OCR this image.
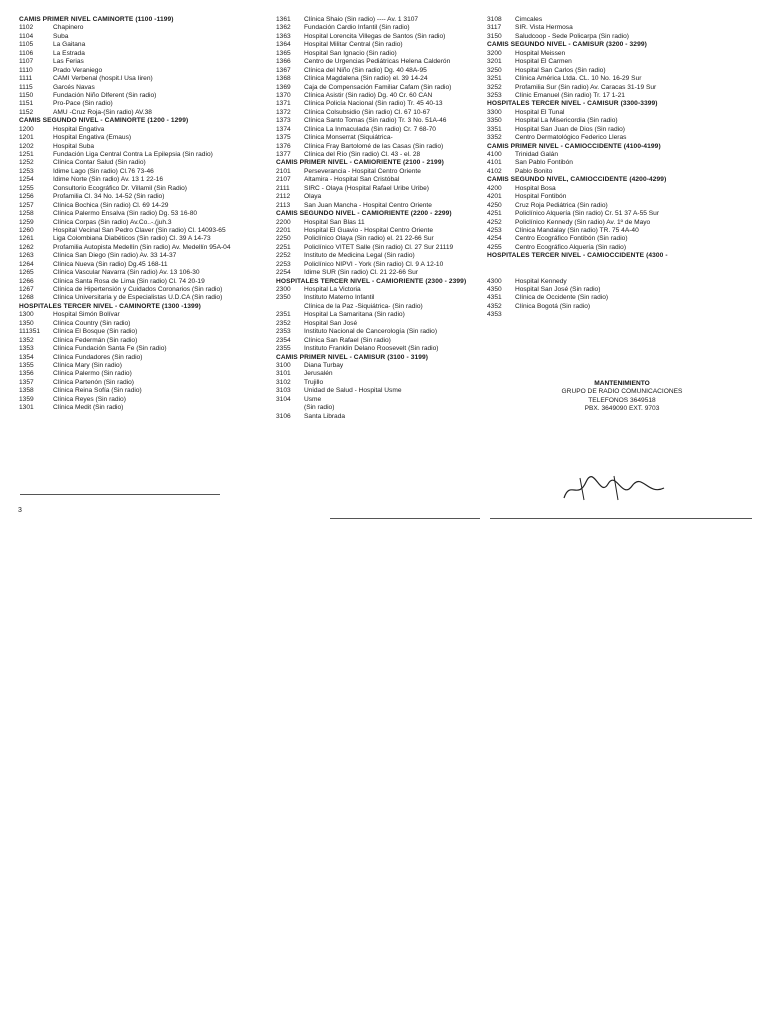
CAMIS PRIMER NIVEL CAMINORTE (1100 -1199)
1102	Chapinero
1104	Suba
1105	La Gaitana
1106	La Estrada
1107	Las Ferias
1110	Prado Veraniego
1111	CAMI Verbenal (hospit.l Usa Iiren)
1115	Garcés Navas
1150	Fundación Niño Dlferent (Sin radio)
1151	Pro-Pace (Sin radio)
1152	AMU -Cruz Roja-(Sin radio) AV.38
CAMIS SEGUNDO NIVEL - CAMINORTE (1200 - 1299)
1200	Hospital Engativa
1201	Hospital Engativa (Emaus)
1202	Hospital Suba
1251	Fundación Liga Central Contra La Epilepsia (Sin radio)
1252	Clínica Contar Salud (Sin radio)
1253	Idime Lago (Sin radio) Cl.76 73-46
1254	Idime Norte (Sin radio) Av. 13 1 22-16
1255	Consultorio Ecográfico Dr. Villamil (Sin Radio)
1256	Profamilia Cl. 34 No. 14-52 (Sin radio)
1257	Clínica Bochica (Sin radio) Cl. 69 14-29
1258	Clínica Palermo Ensalva (Sin radio) Dg. 53 16-80
1259	Clínica Corpas (Sin radio) Av.Co..-.(juh.3
1260	Hospital Vecinal San Pedro Claver (Sin radio) Cl. 14093-65
1261	Liga Colombiana Diabéticos (Sin radio) Cl. 39 A 14-73
1262	Profamilia Autopista Medellín (Sin radio) Av. Medellín 95A-04
1263	Clínica San Diego (Sin radio) Av. 33 14-37
1264	Clínica Nueva (Sin radio) Dg.45 168-11
1265	Clínica Vascular Navarra (Sin radio) Av. 13 106-30
1266	Clínica Santa Rosa de Lima (Sin radio) Cl. 74 20-19
1267	Clínica de Hipertensión y Cuidados Coronarios (Sin radio)
1268	Clínica Universitaria y de Especialistas U.D.CA (Sin radio)
HOSPITALES TERCER NIVEL - CAMINORTE (1300 -1399)
1300	Hospital Simón Bolívar
1350	Clínica Country (Sin radio)
111351 Clínica El Bosque (Sin radio)
1352	Clínica Federmán (Sin radio)
1353	Clínica Fundación Santa Fe (Sin radio)
1354	Clínica Fundadores (Sin radio)
1355	Clínica Mary (Sin radio)
1356	Clínica Palermo (Sin radio)
1357	Clínica Partenón (Sin radio)
1358	Clínica Reina Sofía (Sin radio)
1359	Clínica Reyes (Sin radio)
1301	Clínica Medit (Sin radio)
1361 Clínica Shaio (Sin radio) ---- Av. 1 3107
1362 Fundación Cardio Infantil (Sin radio)
1363 Hospital Lorencita Villegas de Santos (Sin radio)
1364 Hospital Militar Central (Sin radio)
1365 Hospital San Ignacio (Sin radio)
1366 Centro de Urgencias Pediátricas Helena Calderón
1367 Clínica del Niño (Sin radio) Dg. 40 48A-95
1368 Clínica Magdalena (Sin radio) el. 39 14-24
1369 Caja de Compensación Familiar Cafam (Sin radio)
1370 Clínica Asistir (Sin radio) Dg. 40 Cr. 60 CAN
1371 Clínica Policía Nacional (Sin radio) Tr. 45 40-13
1372 Clínica Colsubsidio (Sin radio) Cl. 67 10-67
1373 Clínica Santo Tomas (Sin radio) Tr. 3 No. 51A-46
1374 Clínica La Inmaculada (Sin radio) Cr. 7 68-70
1375 Clínica Monserrat (Siquiátrica-
1376 Clínica Fray Bartolomé de las Casas (Sin radio)
1377 Clínica del Río (Sin radio) Cl. 43 - el. 28
CAMIS PRIMER NIVEL - CAMIORIENTE (2100 - 2199)
2101 Perseverancia - Hospital Centro Oriente
2107 Altamira - Hospital San Cristóbal
2111 SIRC - Olaya (Hospital Rafael Uribe Uribe)
2112 Olaya
2113 San Juan Mancha - Hospital Centro Oriente
CAMIS SEGUNDO NIVEL - CAMIORIENTE (2200 - 2299)
2200 Hospital San Blas 11
2201 Hospital El Guavio - Hospital Centro Oriente
2250 Policlínico Olaya (Sin radio) el. 21 22-66 Sur
2251 Policlínico VITET Salle (Sin radio) Cl. 27 Sur 21119
2252 Instituto de Medicina Legal (Sin radio)
2253 Policlínico NIPVI - York (Sin radio) Cl. 9 A 12-10
2254 Idime SUR (Sin radio) Cl. 21 22-66 Sur
HOSPITALES TERCER NIVEL - CAMIORIENTE (2300 - 2399)
2300 Hospital La Victoria
2350 Instituto Materno Infantil
Clínica de la Paz -Siquiátrica- (Sin radio)
2351 Hospital La Samaritana (Sin radio)
2352 Hospital San José
2353 Instituto Nacional de Cancerología (Sin radio)
2354 Clínica San Rafael (Sin radio)
2355 Instituto Franklin Delano Roosevelt (Sin radio)
CAMIS PRIMER NIVEL - CAMISUR (3100 - 3199)
3100 Diana Turbay
3101 Jerusalén
3102 Trujillo
3103 Unidad de Salud - Hospital Usme
3104 Usme
(Sin radio)
3106 Santa Librada
3108 Cimcales
3117 SIR. Vista Hermosa
3150 Saludcoop - Sede Policarpa (Sin radio)
CAMIS SEGUNDO NIVEL - CAMISUR (3200 - 3299)
3200 Hospital Meissen
3201 Hospital El Carmen
3250 Hospital San Carlos (Sin radio)
3251 Clínica América Ltda. CL. 10 No. 16-29 Sur
3252 Profamilia Sur (Sin radio) Av. Caracas 31-19 Sur
3253 Clínic Emanuel (Sin radio) Tr. 17 1-21
HOSPITALES TERCER NIVEL - CAMISUR (3300-3399)
3300 Hospital El Tunal
3350 Hospital La Misericordia (Sin radio)
3351 Hospital San Juan de Dios (Sin radio)
3352 Centro Dermatológico Federico Lleras
CAMIS PRIMER NIVEL - CAMIOCCIDENTE (4100-4199)
4100 Trinidad Galán
4101 San Pablo Fontibón
4102 Pablo Bonito
CAMIS SEGUNDO NIVEL, CAMIOCCIDENTE (4200-4299)
4200 Hospital Bosa
4201 Hospital Fontibón
4250 Cruz Roja Pediátrica (Sin radio)
4251 Policlínico Alquería (Sin radio) Cr. 51 37 A-55 Sur
4252 Policlínico Kennedy (Sin radio) Av. 1º de Mayo
4253 Clínica Mandalay (Sin radio) TR. 75 4A-40
4254 Centro Ecográfico Fontibón (Sin radio)
4255 Centro Ecográfico Alquería (Sin radio)
HOSPITALES TERCER NIVEL - CAMIOCCIDENTE (4300 -
4300 Hospital Kennedy
4350 Hospital San José (Sin radio)
4351 Clínica de Occidente (Sin radio)
4352 Clínica Bogotá (Sin radio)
4353
MANTENIMIENTO
GRUPO DE RADIO COMUNICACIONES
TELEFONOS 3649518
PBX. 3649090 EXT. 9703
3
